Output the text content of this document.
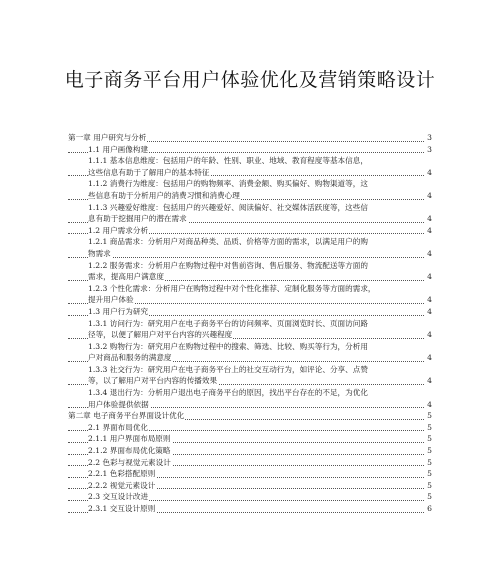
电子商务平台用户体验优化及营销策略设计
第一章 用户研究与分析	3
1.1 用户画像构建	3
1.1.1 基本信息维度：包括用户的年龄、性别、职业、地域、教育程度等基本信息，
这些信息有助于了解用户的基本特征	4
1.1.2 消费行为维度：包括用户的购物频率、消费金额、购买偏好、购物渠道等，这
些信息有助于分析用户的消费习惯和消费心理	4
1.1.3 兴趣爱好维度：包括用户的兴趣爱好、阅读偏好、社交媒体活跃度等，这些信
息有助于挖掘用户的潜在需求	4
1.2 用户需求分析	4
1.2.1 商品需求：分析用户对商品种类、品质、价格等方面的需求，以满足用户的购
物需求	4
1.2.2 服务需求：分析用户在购物过程中对售前咨询、售后服务、物流配送等方面的
需求，提高用户满意度	4
1.2.3 个性化需求：分析用户在购物过程中对个性化推荐、定制化服务等方面的需求，
提升用户体验	4
1.3 用户行为研究	4
1.3.1 访问行为：研究用户在电子商务平台的访问频率、页面浏览时长、页面访问路
径等，以便了解用户对平台内容的兴趣程度	4
1.3.2 购物行为：研究用户在购物过程中的搜索、筛选、比较、购买等行为，分析用
户对商品和服务的满意度	4
1.3.3 社交行为：研究用户在电子商务平台上的社交互动行为，如评论、分享、点赞
等，以了解用户对平台内容的传播效果	4
1.3.4 退出行为：分析用户退出电子商务平台的原因，找出平台存在的不足，为优化
用户体验提供依据	4
第二章 电子商务平台界面设计优化	5
2.1 界面布局优化	5
2.1.1 用户界面布局原则	5
2.1.2 界面布局优化策略	5
2.2 色彩与视觉元素设计	5
2.2.1 色彩搭配原则	5
2.2.2 视觉元素设计	5
2.3 交互设计改进	5
2.3.1 交互设计原则	6
